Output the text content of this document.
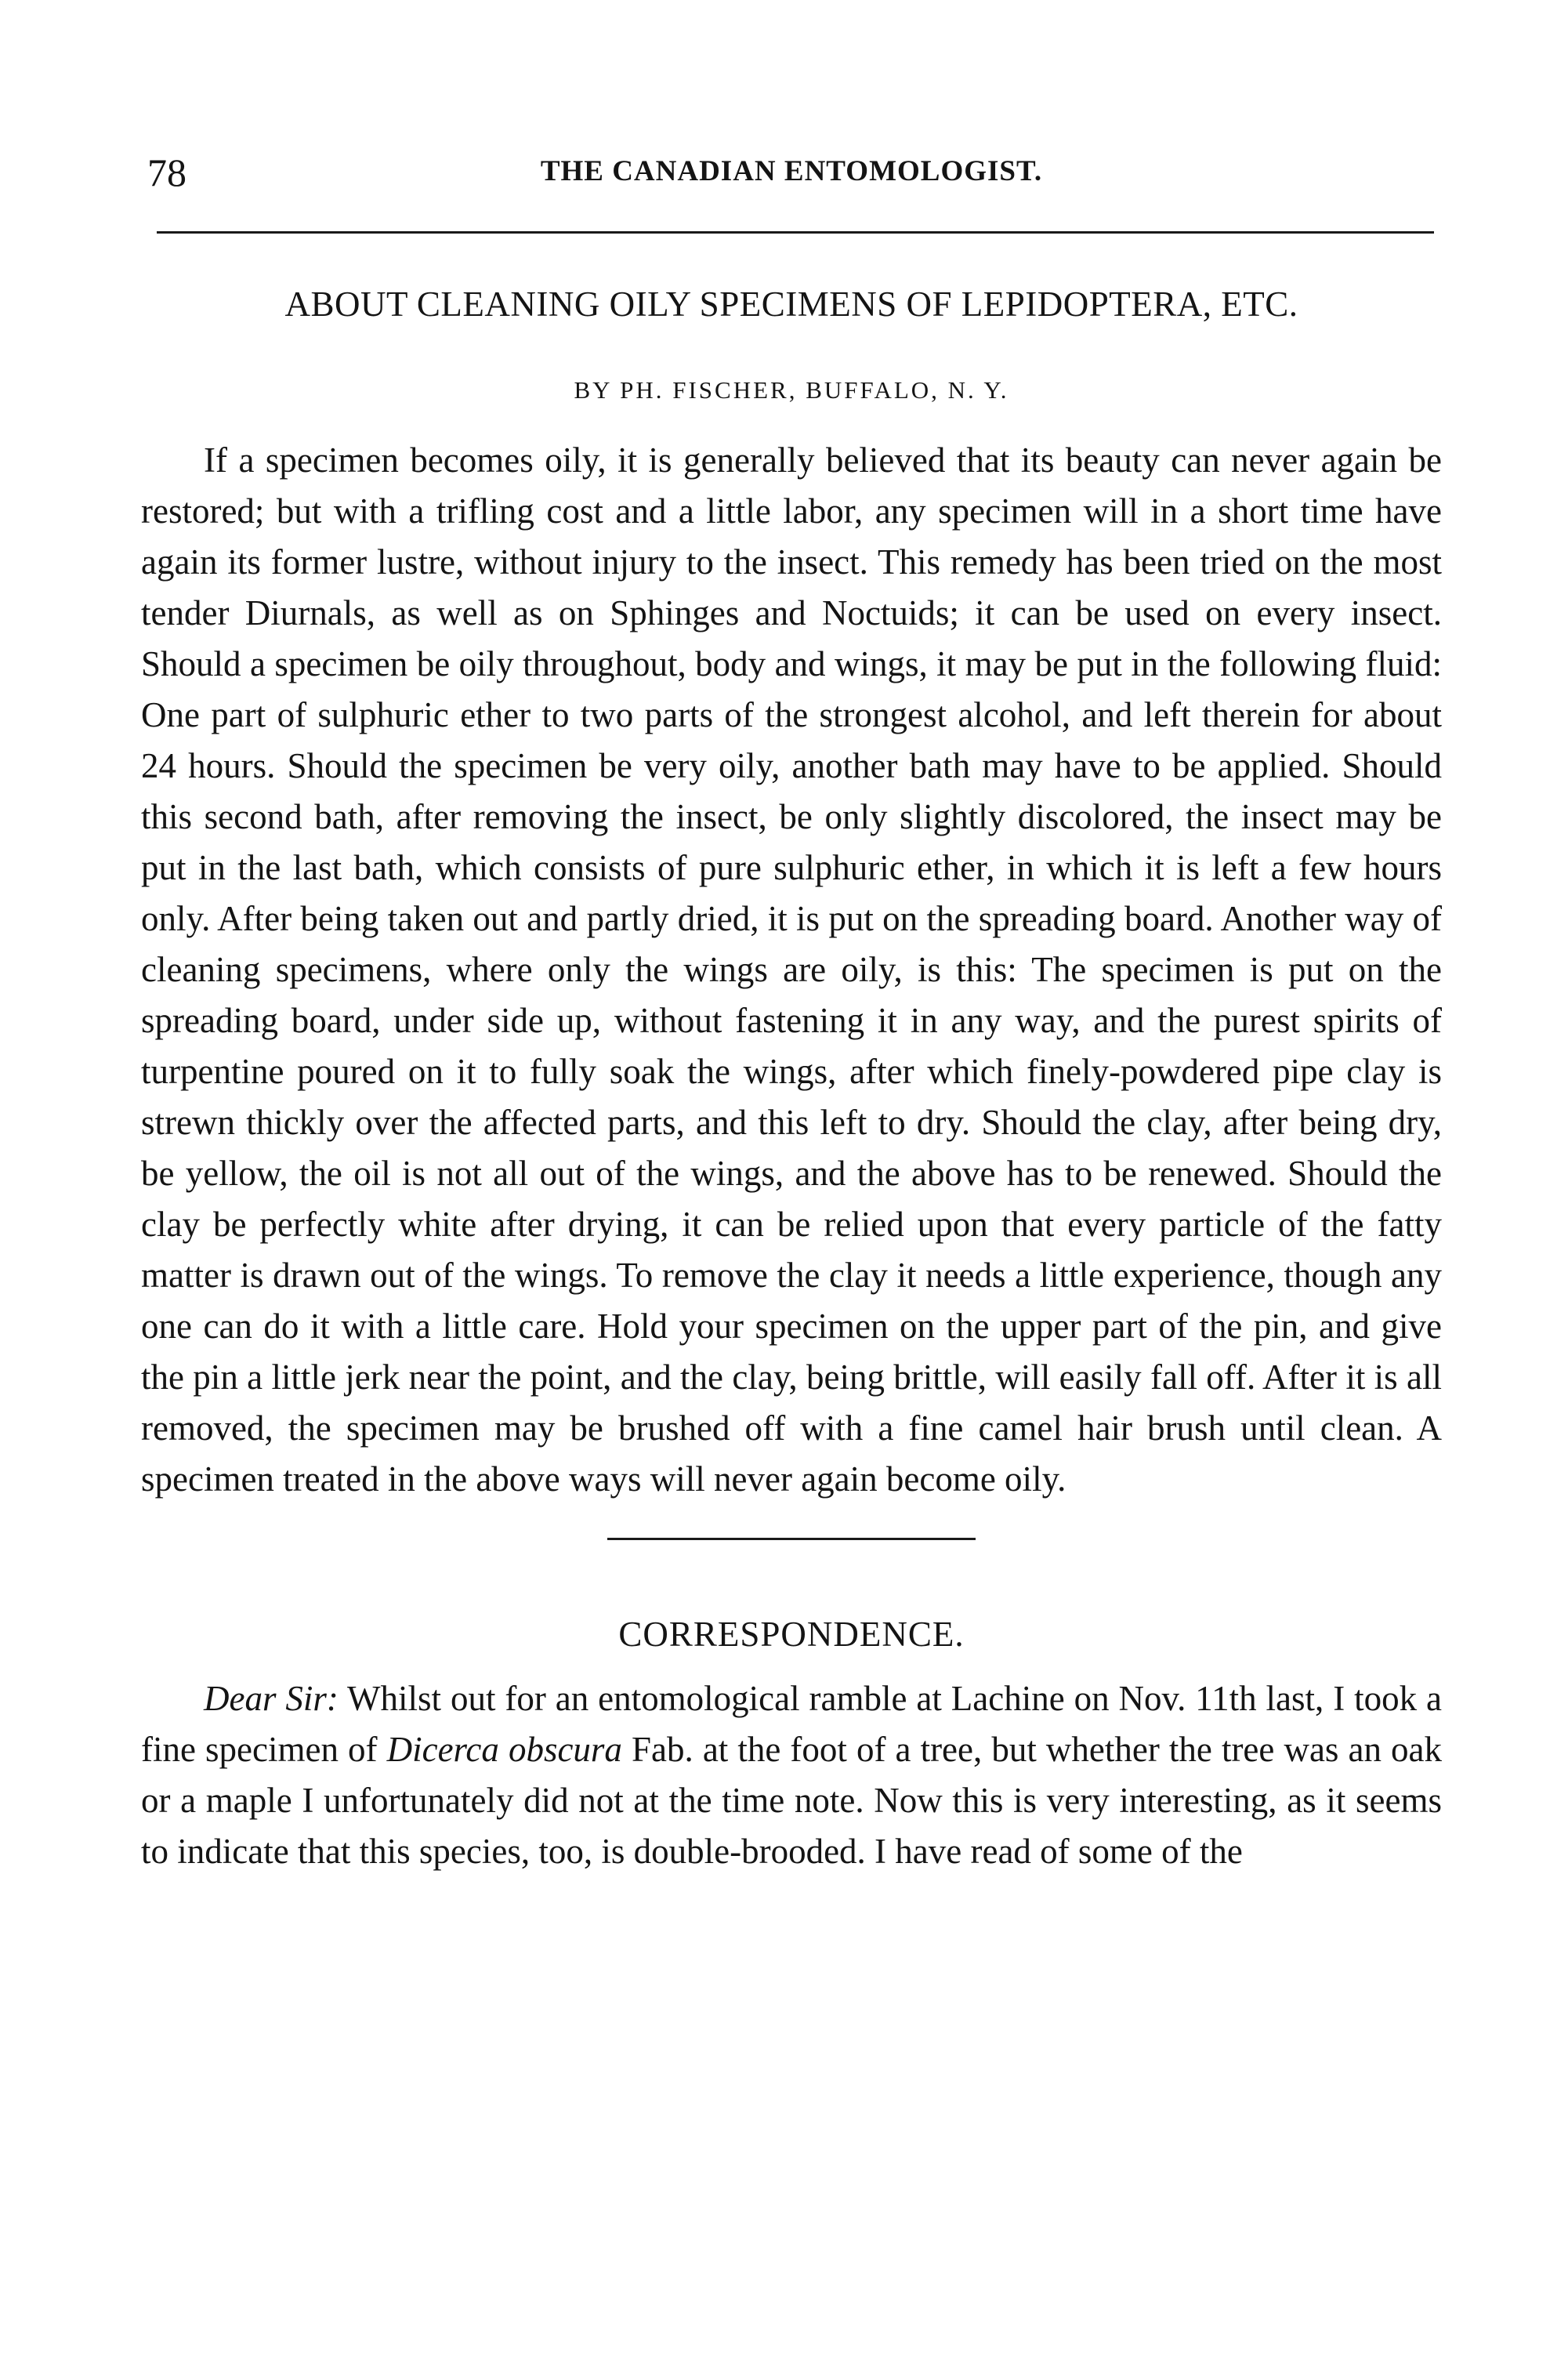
78	THE CANADIAN ENTOMOLOGIST.
ABOUT CLEANING OILY SPECIMENS OF LEPIDOPTERA, ETC.
BY PH. FISCHER, BUFFALO, N. Y.

If a specimen becomes oily, it is generally believed that its beauty can never again be restored; but with a trifling cost and a little labor, any specimen will in a short time have again its former lustre, without injury to the insect. This remedy has been tried on the most tender Diurnals, as well as on Sphinges and Noctuids; it can be used on every insect. Should a specimen be oily throughout, body and wings, it may be put in the following fluid: One part of sulphuric ether to two parts of the strongest alcohol, and left therein for about 24 hours. Should the specimen be very oily, another bath may have to be applied. Should this second bath, after removing the insect, be only slightly discolored, the insect may be put in the last bath, which consists of pure sulphuric ether, in which it is left a few hours only. After being taken out and partly dried, it is put on the spreading board. Another way of cleaning specimens, where only the wings are oily, is this: The specimen is put on the spreading board, under side up, without fastening it in any way, and the purest spirits of turpentine poured on it to fully soak the wings, after which finely-powdered pipe clay is strewn thickly over the affected parts, and this left to dry. Should the clay, after being dry, be yellow, the oil is not all out of the wings, and the above has to be renewed. Should the clay be perfectly white after drying, it can be relied upon that every particle of the fatty matter is drawn out of the wings. To remove the clay it needs a little experience, though any one can do it with a little care. Hold your specimen on the upper part of the pin, and give the pin a little jerk near the point, and the clay, being brittle, will easily fall off. After it is all removed, the specimen may be brushed off with a fine camel hair brush until clean. A specimen treated in the above ways will never again become oily.

CORRESPONDENCE.

Dear Sir: Whilst out for an entomological ramble at Lachine on Nov. 11th last, I took a fine specimen of Dicerca obscura Fab. at the foot of a tree, but whether the tree was an oak or a maple I unfortunately did not at the time note. Now this is very interesting, as it seems to indicate that this species, too, is double-brooded. I have read of some of the
